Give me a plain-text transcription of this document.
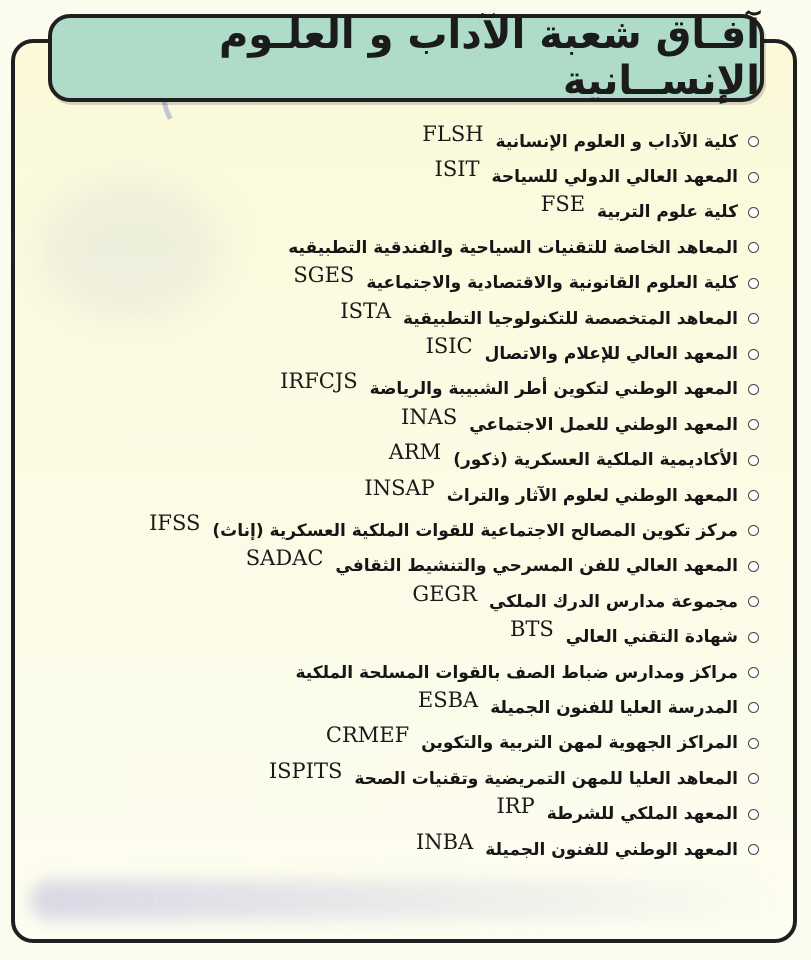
آفـاق شعبة الآداب و العلـوم الإنســانية
كلية الآداب و العلوم الإنسانية
FLSH
المعهد العالي الدولي للسياحة
ISIT
كلية علوم التربية
FSE
المعاهد الخاصة للتقنيات السياحية والفندقية التطبيقيه
كلية العلوم القانونية والاقتصادية والاجتماعية
SGES
المعاهد المتخصصة للتكنولوجيا التطبيقية
ISTA
المعهد العالي للإعلام والاتصال
ISIC
المعهد الوطني لتكوين أطر الشبيبة والرياضة
IRFCJS
المعهد الوطني للعمل الاجتماعي
INAS
الأكاديمية الملكية العسكرية (ذكور)
ARM
المعهد الوطني لعلوم الآثار والتراث
INSAP
مركز تكوين المصالح الاجتماعية للقوات الملكية العسكرية (إناث)
IFSS
المعهد العالي للفن المسرحي والتنشيط الثقافي
SADAC
مجموعة مدارس الدرك الملكي
GEGR
شهادة التقني العالي
BTS
مراكز ومدارس ضباط الصف بالقوات المسلحة الملكية
المدرسة العليا للفنون الجميلة
ESBA
المراكز الجهوية لمهن التربية والتكوين
CRMEF
المعاهد العليا للمهن التمريضية وتقنيات الصحة
ISPITS
المعهد الملكي للشرطة
IRP
المعهد الوطني للفنون الجميلة
INBA
